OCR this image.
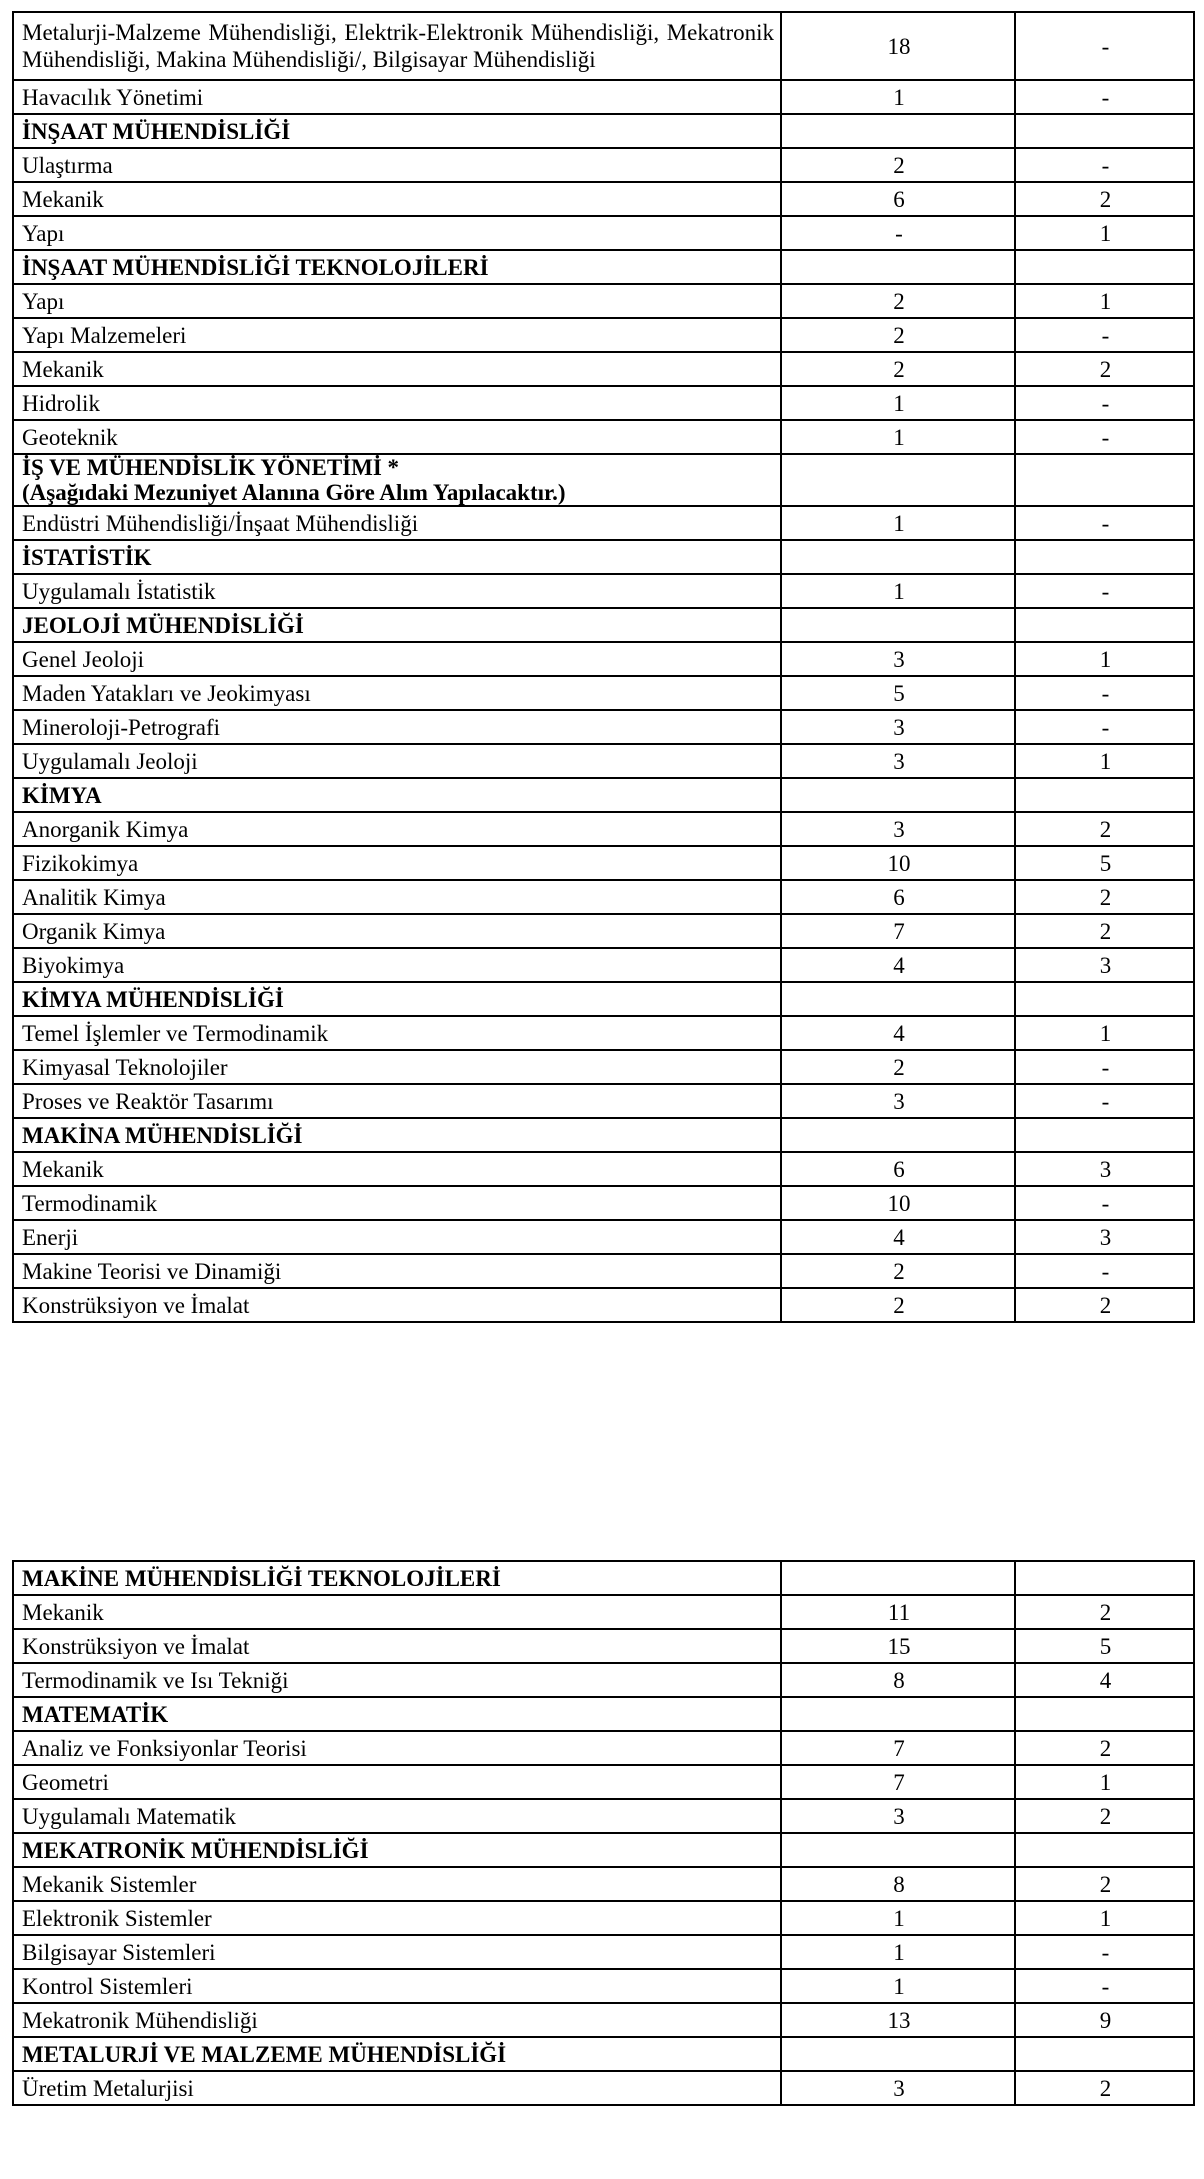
Metalurji-Malzeme Mühendisliği, Elektrik-Elektronik Mühendisliği, Mekatronik Mühendisliği, Makina Mühendisliği/, Bilgisayar Mühendisliği	18	-
Havacılık Yönetimi	1	-
İNŞAAT MÜHENDİSLİĞİ		
Ulaştırma	2	-
Mekanik	6	2
Yapı	-	1
İNŞAAT MÜHENDİSLİĞİ TEKNOLOJİLERİ		
Yapı	2	1
Yapı Malzemeleri	2	-
Mekanik	2	2
Hidrolik	1	-
Geoteknik	1	-
İŞ VE MÜHENDİSLİK YÖNETİMİ *
(Aşağıdaki Mezuniyet Alanına Göre Alım Yapılacaktır.)		
Endüstri Mühendisliği/İnşaat Mühendisliği	1	-
İSTATİSTİK		
Uygulamalı İstatistik	1	-
JEOLOJİ MÜHENDİSLİĞİ		
Genel Jeoloji	3	1
Maden Yatakları ve Jeokimyası	5	-
Mineroloji-Petrografi	3	-
Uygulamalı Jeoloji	3	1
KİMYA		
Anorganik Kimya	3	2
Fizikokimya	10	5
Analitik Kimya	6	2
Organik Kimya	7	2
Biyokimya	4	3
KİMYA MÜHENDİSLİĞİ		
Temel İşlemler ve Termodinamik	4	1
Kimyasal Teknolojiler	2	-
Proses ve Reaktör Tasarımı	3	-
MAKİNA MÜHENDİSLİĞİ		
Mekanik	6	3
Termodinamik	10	-
Enerji	4	3
Makine Teorisi ve Dinamiği	2	-
Konstrüksiyon ve İmalat	2	2
MAKİNE MÜHENDİSLİĞİ TEKNOLOJİLERİ		
Mekanik	11	2
Konstrüksiyon ve İmalat	15	5
Termodinamik ve Isı Tekniği	8	4
MATEMATİK		
Analiz ve Fonksiyonlar Teorisi	7	2
Geometri	7	1
Uygulamalı Matematik	3	2
MEKATRONİK MÜHENDİSLİĞİ		
Mekanik Sistemler	8	2
Elektronik Sistemler	1	1
Bilgisayar Sistemleri	1	-
Kontrol Sistemleri	1	-
Mekatronik Mühendisliği	13	9
METALURJİ VE MALZEME MÜHENDİSLİĞİ		
Üretim Metalurjisi	3	2
